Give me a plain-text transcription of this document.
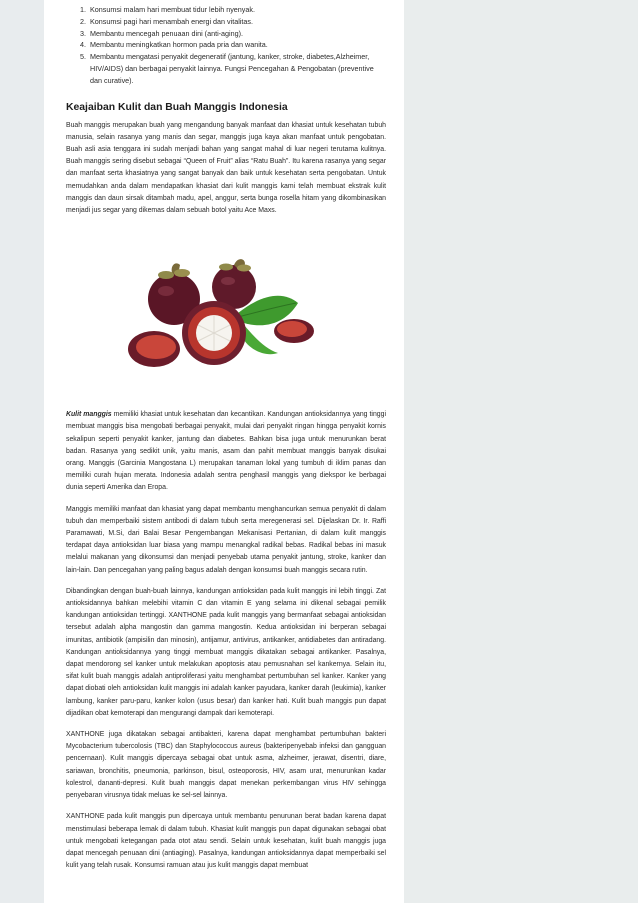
1. Konsumsi malam hari membuat tidur lebih nyenyak.
2. Konsumsi pagi hari menambah energi dan vitalitas.
3. Membantu mencegah penuaan dini (anti-aging).
4. Membantu meningkatkan hormon pada pria dan wanita.
5. Membantu mengatasi penyakit degeneratif (jantung, kanker, stroke, diabetes,Alzheimer, HIV/AIDS) dan berbagai penyakit lainnya. Fungsi Pencegahan & Pengobatan (preventive dan curative).
Keajaiban Kulit dan Buah Manggis Indonesia

Buah manggis merupakan buah yang mengandung banyak manfaat dan khasiat untuk kesehatan tubuh manusia, selain rasanya yang manis dan segar, manggis juga kaya akan manfaat untuk pengobatan. Buah asli asia tenggara ini sudah menjadi bahan yang sangat mahal di luar negeri terutama kulitnya. Buah manggis sering disebut sebagai “Queen of Fruit” alias “Ratu Buah”. Itu karena rasanya yang segar dan manfaat serta khasiatnya yang sangat banyak dan baik untuk kesehatan serta pengobatan. Untuk memudahkan anda dalam mendapatkan khasiat dari kulit manggis kami telah membuat ekstrak kulit manggis dan daun sirsak ditambah madu, apel, anggur, serta bunga rosella hitam yang dikombinasikan menjadi jus segar yang dikemas dalam sebuah botol yaitu Ace Maxs.

Kulit manggis memiliki khasiat untuk kesehatan dan kecantikan. Kandungan antioksidannya yang tinggi membuat manggis bisa mengobati berbagai penyakit, mulai dari penyakit ringan hingga penyakit kornis sekalipun seperti penyakit kanker, jantung dan diabetes. Bahkan bisa juga untuk menurunkan berat badan. Rasanya yang sedikit unik, yaitu manis, asam dan pahit membuat manggis banyak disukai orang. Manggis (Garcinia Mangostana L) merupakan tanaman lokal yang tumbuh di iklim panas dan memiliki curah hujan merata. Indonesia adalah sentra penghasil manggis yang diekspor ke berbagai dunia seperti Amerika dan Eropa.

Manggis memiliki manfaat dan khasiat yang dapat membantu menghancurkan semua penyakit di dalam tubuh dan memperbaiki sistem antibodi di dalam tubuh serta meregenerasi sel. Dijelaskan Dr. Ir. Raffi Paramawati, M.Si, dari Balai Besar Pengembangan Mekanisasi Pertanian, di dalam kulit manggis terdapat daya antioksidan luar biasa yang mampu menangkal radikal bebas. Radikal bebas ini masuk melalui makanan yang dikonsumsi dan menjadi penyebab utama penyakit jantung, stroke, kanker dan lain-lain. Dan pencegahan yang paling bagus adalah dengan konsumsi buah manggis secara rutin.

Dibandingkan dengan buah-buah lainnya, kandungan antioksidan pada kulit manggis ini lebih tinggi. Zat antioksidannya bahkan melebihi vitamin C dan vitamin E yang selama ini dikenal sebagai pemilik kandungan antioksidan tertinggi. XANTHONE pada kulit manggis yang bermanfaat sebagai antioksidan tersebut adalah alpha mangostin dan gamma mangostin. Kedua antioksidan ini berperan sebagai imunitas, antibiotik (ampisilin dan minosin), antijamur, antivirus, antikanker, antidiabetes dan antiradang. Kandungan antioksidannya yang tinggi membuat manggis dikatakan sebagai antikanker. Pasalnya, dapat mendorong sel kanker untuk melakukan apoptosis atau pemusnahan sel kankernya. Selain itu, sifat kulit buah manggis adalah antiproliferasi yaitu menghambat pertumbuhan sel kanker. Kanker yang dapat diobati oleh antioksidan kulit manggis ini adalah kanker payudara, kanker darah (leukimia), kanker lambung, kanker paru-paru, kanker kolon (usus besar) dan kanker hati. Kulit buah manggis pun dapat dijadikan obat kemoterapi dan mengurangi dampak dari kemoterapi.

XANTHONE juga dikatakan sebagai antibakteri, karena dapat menghambat pertumbuhan bakteri Mycobacterium tubercolosis (TBC) dan Staphylococcus aureus (bakteripenyebab infeksi dan gangguan pencernaan). Kulit manggis dipercaya sebagai obat untuk asma, alzheimer, jerawat, disentri, diare, sariawan, bronchitis, pneumonia, parkinson, bisul, osteoporosis, HIV, asam urat, menurunkan kadar kolestrol, dananti-depresi. Kulit buah manggis dapat menekan perkembangan virus HIV sehingga penyebaran virusnya tidak meluas ke sel-sel lainnya.

XANTHONE pada kulit manggis pun dipercaya untuk membantu penurunan berat badan karena dapat menstimulasi beberapa lemak di dalam tubuh. Khasiat kulit manggis pun dapat digunakan sebagai obat untuk mengobati ketegangan pada otot atau sendi. Selain untuk kesehatan, kulit buah manggis juga dapat mencegah penuaan dini (antiaging). Pasalnya, kandungan antioksidannya dapat memperbaiki sel kulit yang telah rusak. Konsumsi ramuan atau jus kulit manggis dapat membuat
